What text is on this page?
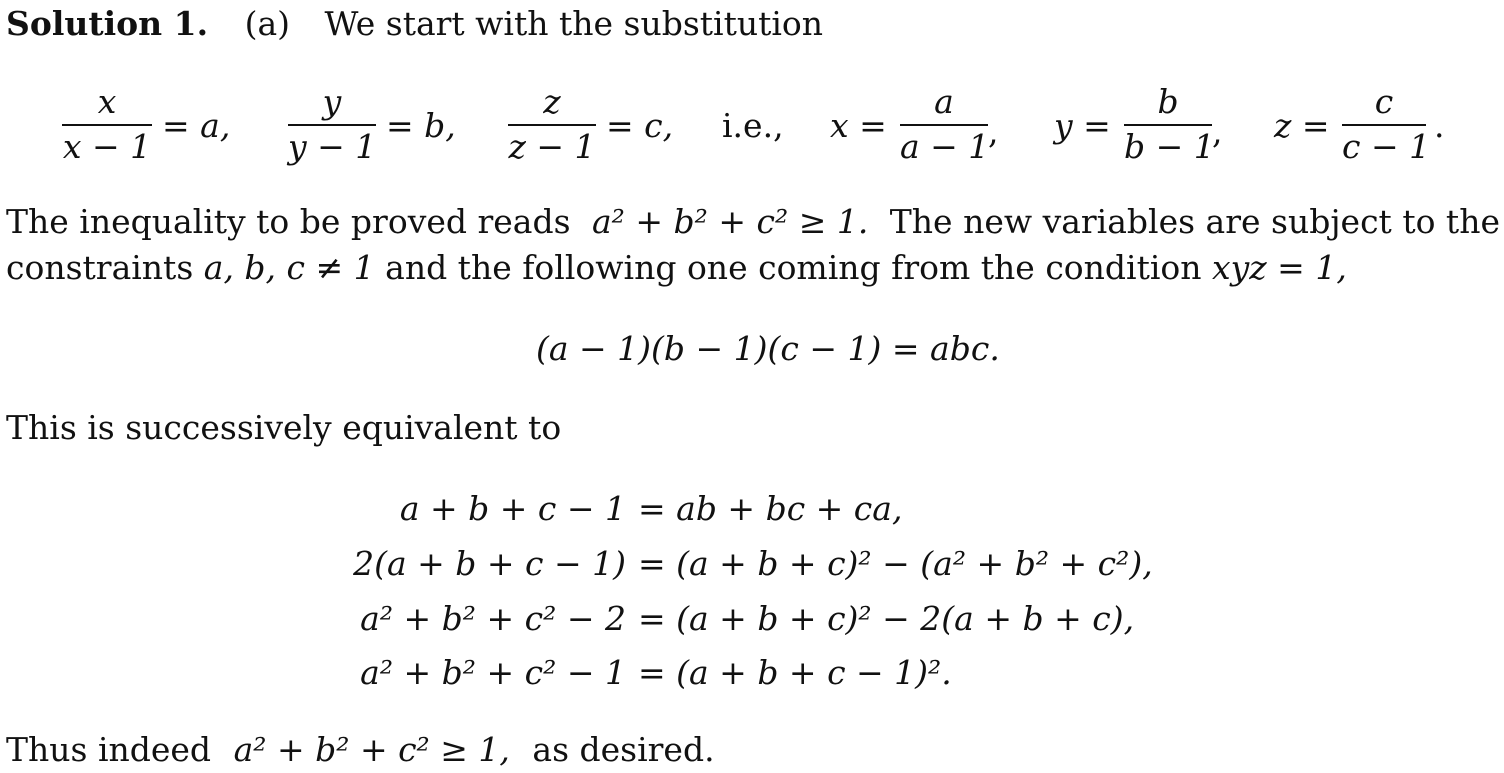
Solution 1. (a) We start with the substitution
x
x − 1
= a,
y
y − 1
= b,
z
z − 1
= c, i.e., x =
a
a − 1
, y =
b
b − 1
, z =
c
c − 1
.
The inequality to be proved reads a² + b² + c² ≥ 1. The new variables are subject to the
constraints a, b, c ≠ 1 and the following one coming from the condition xyz = 1,
(a − 1)(b − 1)(c − 1) = abc.
This is successively equivalent to
a + b + c − 1 = ab + bc + ca,
2(a + b + c − 1) = (a + b + c)² − (a² + b² + c²),
a² + b² + c² − 2 = (a + b + c)² − 2(a + b + c),
a² + b² + c² − 1 = (a + b + c − 1)².
Thus indeed a² + b² + c² ≥ 1, as desired.
